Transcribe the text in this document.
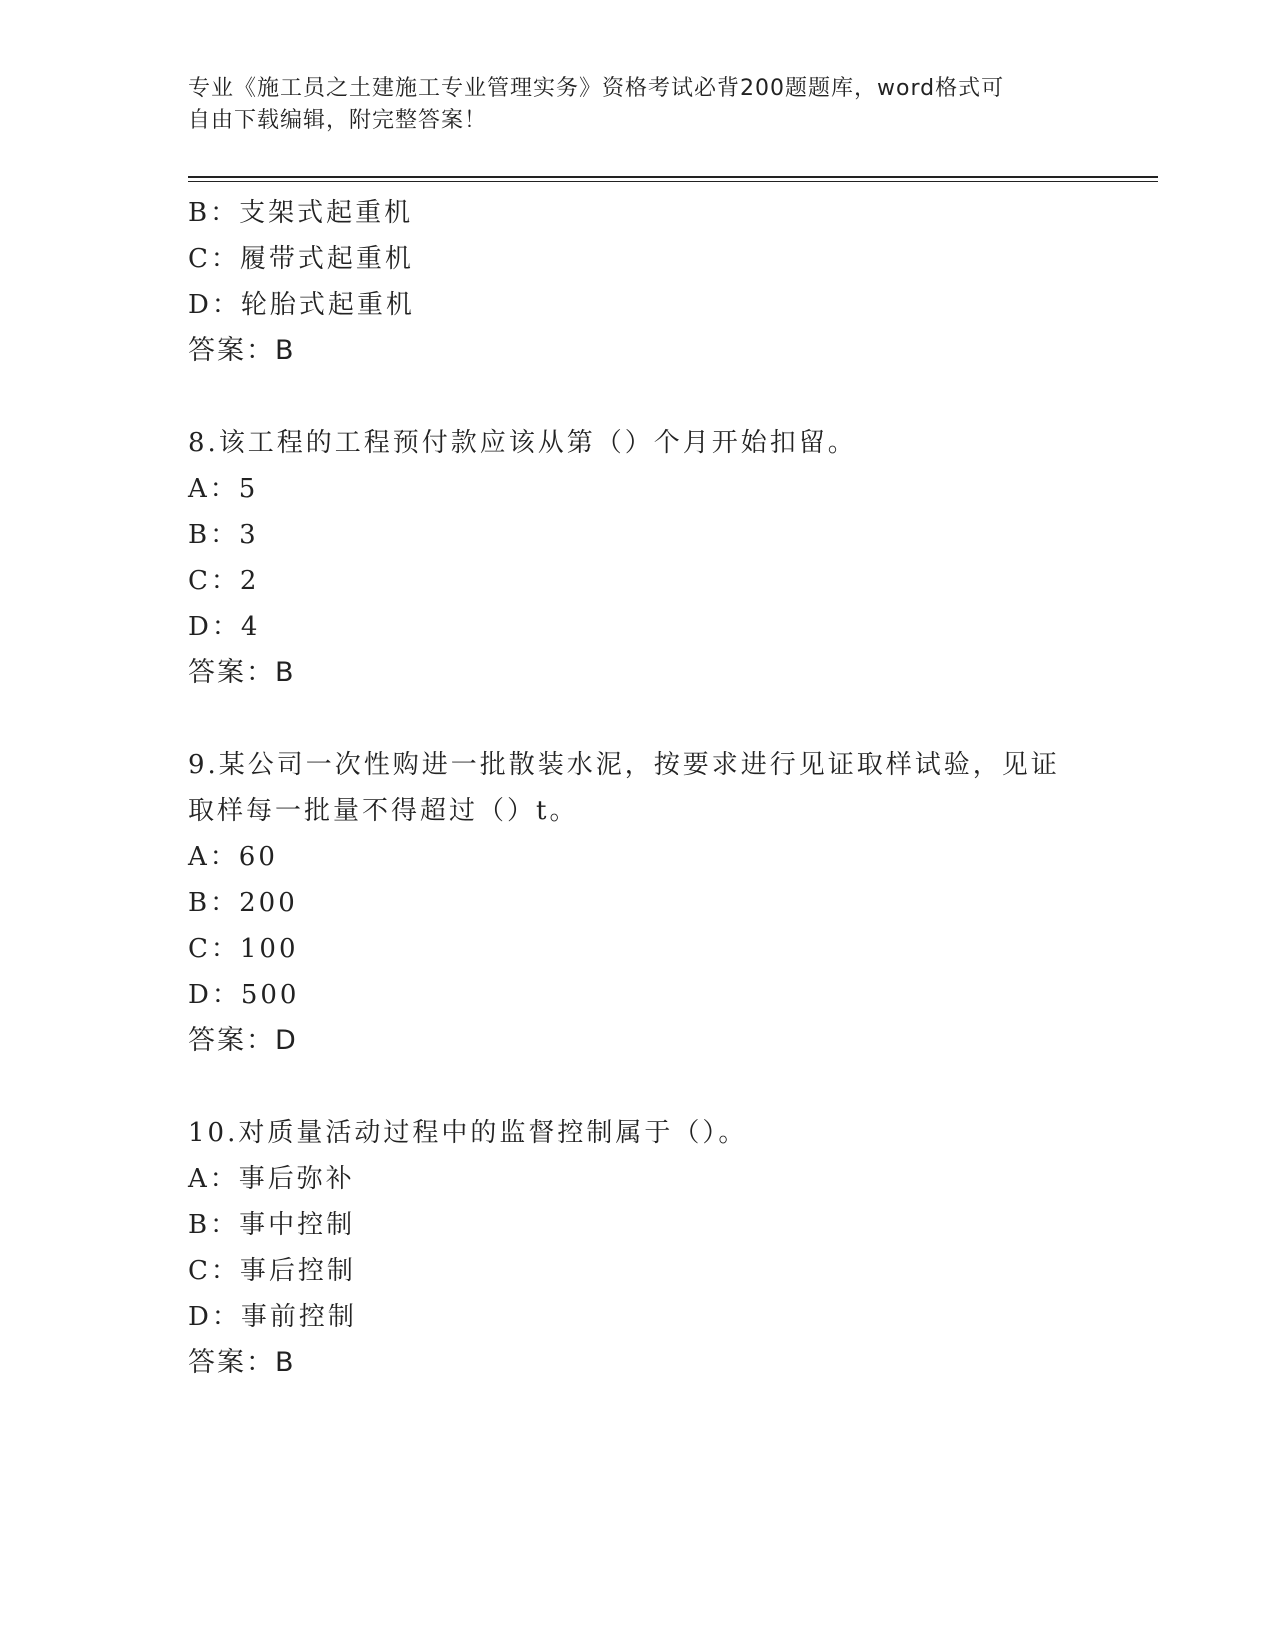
专业《施工员之土建施工专业管理实务》资格考试必背200题题库，word格式可
自由下载编辑，附完整答案！
B：支架式起重机
C：履带式起重机
D：轮胎式起重机
答案：B
8.该工程的工程预付款应该从第（）个月开始扣留。
A：5
B：3
C：2
D：4
答案：B
9.某公司一次性购进一批散装水泥，按要求进行见证取样试验，见证
取样每一批量不得超过（）t。
A：60
B：200
C：100
D：500
答案：D
10.对质量活动过程中的监督控制属于（）。
A：事后弥补
B：事中控制
C：事后控制
D：事前控制
答案：B
